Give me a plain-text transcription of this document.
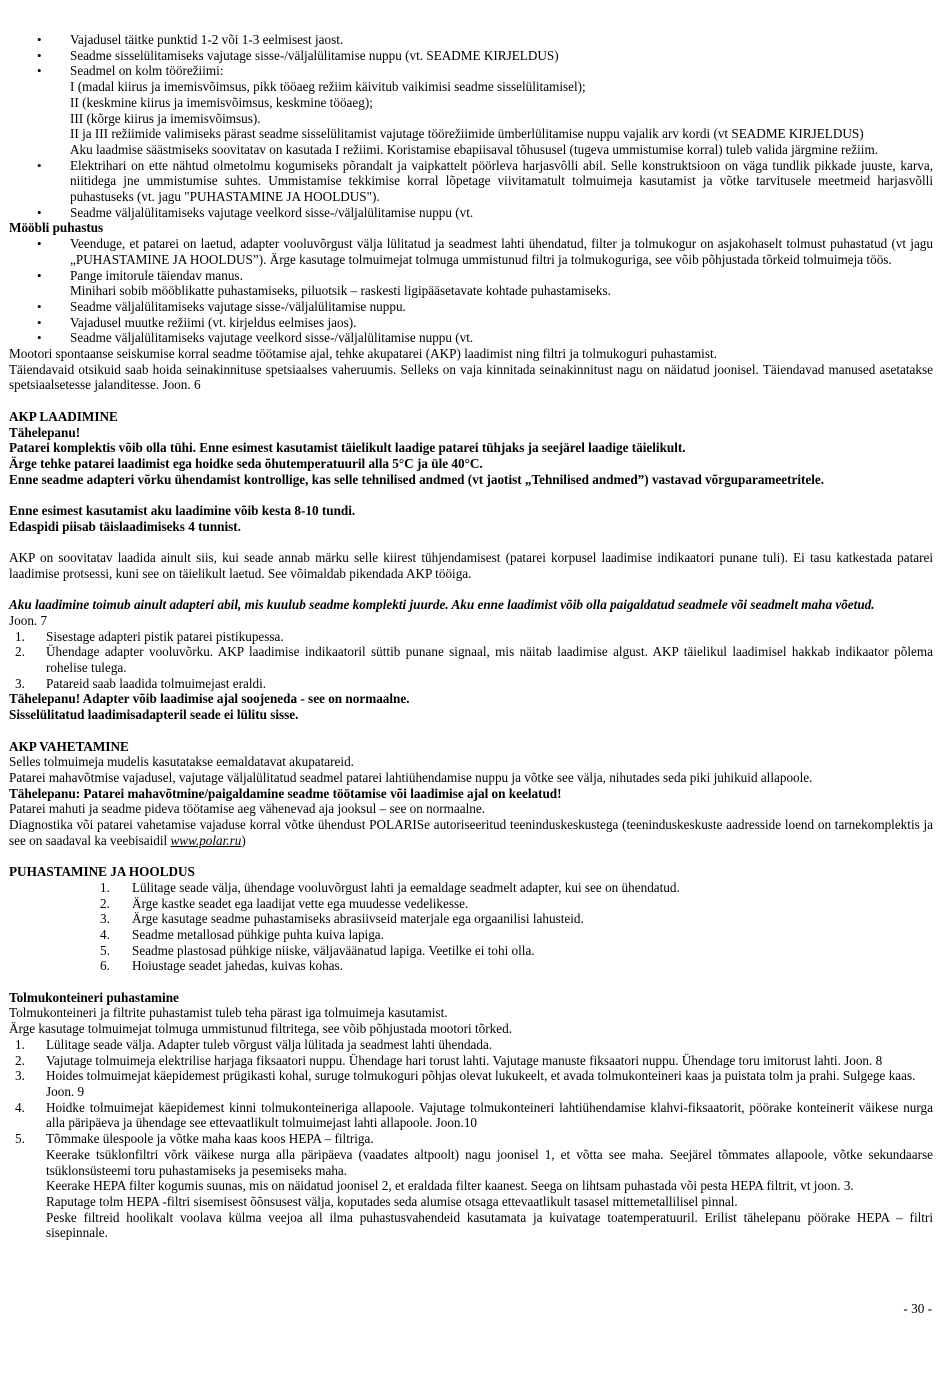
• Vajadusel täitke punktid 1-2 või 1-3 eelmisest jaost.
• Seadme sisselülitamiseks vajutage sisse-/väljalülitamise nuppu (vt. SEADME KIRJELDUS)
• Seadmel on kolm töörežiimi:
I (madal kiirus ja imemisvõimsus, pikk tööaeg režiim käivitub vaikimisi seadme sisselülitamisel);
II (keskmine kiirus ja imemisvõimsus, keskmine tööaeg);
III (kõrge kiirus ja imemisvõimsus).
II ja III režiimide valimiseks pärast seadme sisselülitamist vajutage töörežiimide ümberlülitamise nuppu vajalik arv kordi (vt SEADME KIRJELDUS)
Aku laadmise säästmiseks soovitatav on kasutada I režiimi. Koristamise ebapiisaval tõhususel (tugeva ummistumise korral) tuleb valida järgmine režiim.
• Elektrihari on ette nähtud olmetolmu kogumiseks põrandalt ja vaipkattelt pöörleva harjasvõlli abil. Selle konstruktsioon on väga tundlik pikkade juuste, karva, niitidega jne ummistumise suhtes. Ummistamise tekkimise korral lõpetage viivitamatult tolmuimeja kasutamist ja võtke tarvitusele meetmeid harjasvõlli puhastuseks (vt. jagu "PUHASTAMINE JA HOOLDUS").
• Seadme väljalülitamiseks vajutage veelkord sisse-/väljalülitamise nuppu (vt.

Mööbli puhastus

• Veenduge, et patarei on laetud, adapter vooluvõrgust välja lülitatud ja seadmest lahti ühendatud, filter ja tolmukogur on asjakohaselt tolmust puhastatud (vt jagu „PUHASTAMINE JA HOOLDUS”). Ärge kasutage tolmuimejat tolmuga ummistunud filtri ja tolmukoguriga, see võib põhjustada tõrkeid tolmuimeja töös.
• Pange imitorule täiendav manus.
Minihari sobib mööblikatte puhastamiseks, piluotsik – raskesti ligipääsetavate kohtade puhastamiseks.
• Seadme väljalülitamiseks vajutage sisse-/väljalülitamise nuppu.
• Vajadusel muutke režiimi (vt. kirjeldus eelmises jaos).
• Seadme väljalülitamiseks vajutage veelkord sisse-/väljalülitamise nuppu (vt.

Mootori spontaanse seiskumise korral seadme töötamise ajal, tehke akupatarei (AKP) laadimist ning filtri ja tolmukoguri puhastamist.

Täiendavaid otsikuid saab hoida seinakinnituse spetsiaalses vaheruumis. Selleks on vaja kinnitada seinakinnitust nagu on näidatud joonisel. Täiendavad manused asetatakse spetsiaalsetesse jalanditesse. Joon. 6

AKP LAADIMINE

Tähelepanu!

Patarei komplektis võib olla tühi. Enne esimest kasutamist täielikult laadige patarei tühjaks ja seejärel laadige täielikult.

Ärge tehke patarei laadimist ega hoidke seda õhutemperatuuril alla 5°C ja üle 40°C.

Enne seadme adapteri võrku ühendamist kontrollige, kas selle tehnilised andmed (vt jaotist „Tehnilised andmed”) vastavad võrguparameetritele.

Enne esimest kasutamist aku laadimine võib kesta 8-10 tundi.

Edaspidi piisab täislaadimiseks 4 tunnist.

AKP on soovitatav laadida ainult siis, kui seade annab märku selle kiirest tühjendamisest (patarei korpusel laadimise indikaatori punane tuli). Ei tasu katkestada patarei laadimise protsessi, kuni see on täielikult laetud. See võimaldab pikendada AKP tööiga.

Aku laadimine toimub ainult adapteri abil, mis kuulub seadme komplekti juurde. Aku enne laadimist võib olla paigaldatud seadmele või seadmelt maha võetud.

Joon. 7

1. Sisestage adapteri pistik patarei pistikupessa.
2. Ühendage adapter vooluvõrku. AKP laadimise indikaatoril süttib punane signaal, mis näitab laadimise algust. AKP täielikul laadimisel hakkab indikaator põlema rohelise tulega.
3. Patareid saab laadida tolmuimejast eraldi.

Tähelepanu! Adapter võib laadimise ajal soojeneda - see on normaalne.

Sisselülitatud laadimisadapteril seade ei lülitu sisse.

AKP VAHETAMINE

Selles tolmuimeja mudelis kasutatakse eemaldatavat akupatareid.

Patarei mahavõtmise vajadusel, vajutage väljalülitatud seadmel patarei lahtiühendamise nuppu ja võtke see välja, nihutades seda piki juhikuid allapoole.

Tähelepanu: Patarei mahavõtmine/paigaldamine seadme töötamise või laadimise ajal on keelatud!

Patarei mahuti ja seadme pideva töötamise aeg vähenevad aja jooksul – see on normaalne.

Diagnostika või patarei vahetamise vajaduse korral võtke ühendust POLARISe autoriseeritud teeninduskeskustega (teeninduskeskuste aadresside loend on tarnekomplektis ja see on saadaval ka veebisaidil www.polar.ru)

PUHASTAMINE JA HOOLDUS

1. Lülitage seade välja, ühendage vooluvõrgust lahti ja eemaldage seadmelt adapter, kui see on ühendatud.
2. Ärge kastke seadet ega laadijat vette ega muudesse vedelikesse.
3. Ärge kasutage seadme puhastamiseks abrasiivseid materjale ega orgaanilisi lahusteid.
4. Seadme metallosad pühkige puhta kuiva lapiga.
5. Seadme plastosad pühkige niiske, väljaväänatud lapiga. Veetilke ei tohi olla.
6. Hoiustage seadet jahedas, kuivas kohas.

Tolmukonteineri puhastamine

Tolmukonteineri ja filtrite puhastamist tuleb teha pärast iga tolmuimeja kasutamist.

Ärge kasutage tolmuimejat tolmuga ummistunud filtritega, see võib põhjustada mootori tõrked.

1. Lülitage seade välja. Adapter tuleb võrgust välja lülitada ja seadmest lahti ühendada.
2. Vajutage tolmuimeja elektrilise harjaga fiksaatori nuppu. Ühendage hari torust lahti. Vajutage manuste fiksaatori nuppu. Ühendage toru imitorust lahti. Joon. 8
3. Hoides tolmuimejat käepidemest prügikasti kohal, suruge tolmukoguri põhjas olevat lukukeelt, et avada tolmukonteineri kaas ja puistata tolm ja prahi. Sulgege kaas.
Joon. 9
4. Hoidke tolmuimejat käepidemest kinni tolmukonteineriga allapoole. Vajutage tolmukonteineri lahtiühendamise klahvi-fiksaatorit, pöörake konteinerit väikese nurga alla päripäeva ja ühendage see ettevaatlikult tolmuimejast lahti allapoole. Joon.10
5. Tõmmake ülespoole ja võtke maha kaas koos HEPA – filtriga.
Keerake tsüklonfiltri võrk väikese nurga alla päripäeva (vaadates altpoolt) nagu joonisel 1, et võtta see maha. Seejärel tõmmates allapoole, võtke sekundaarse tsüklonsüsteemi toru puhastamiseks ja pesemiseks maha.
Keerake HEPA filter kogumis suunas, mis on näidatud joonisel 2, et eraldada filter kaanest. Seega on lihtsam puhastada või pesta HEPA filtrit, vt joon. 3.
Raputage tolm HEPA -filtri sisemisest õõnsusest välja, koputades seda alumise otsaga ettevaatlikult tasasel mittemetallilisel pinnal.
Peske filtreid hoolikalt voolava külma veejoa all ilma puhastusvahendeid kasutamata ja kuivatage toatemperatuuril. Erilist tähelepanu pöörake HEPA – filtri sisepinnale.
- 30 -
